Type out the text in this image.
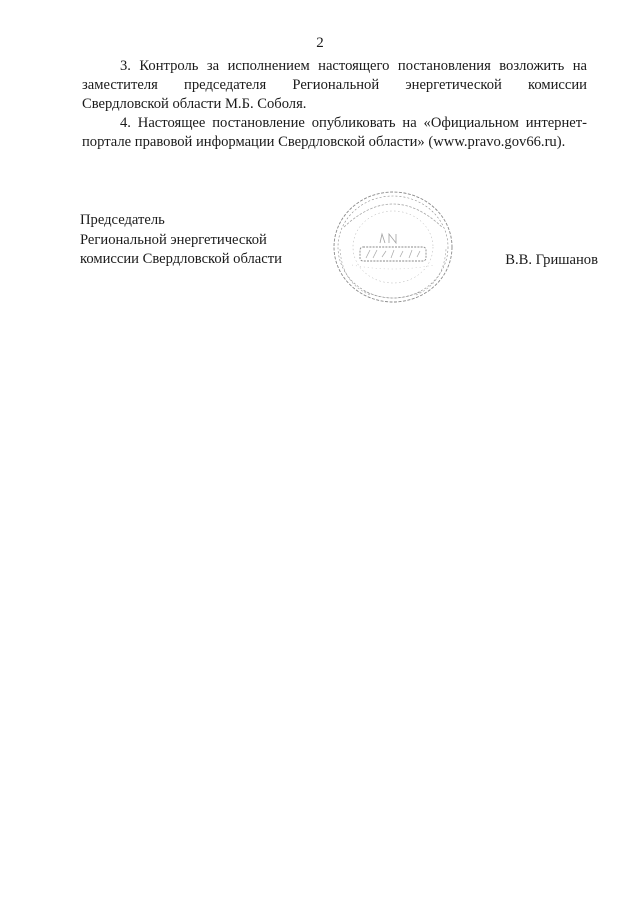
2

3. Контроль за исполнением настоящего постановления возложить на заместителя председателя Региональной энергетической комиссии Свердловской области М.Б. Соболя.

4. Настоящее постановление опубликовать на «Официальном интернет-портале правовой информации Свердловской области» (www.pravo.gov66.ru).

Председатель
Региональной энергетической
комиссии Свердловской области	В.В. Гришанов
